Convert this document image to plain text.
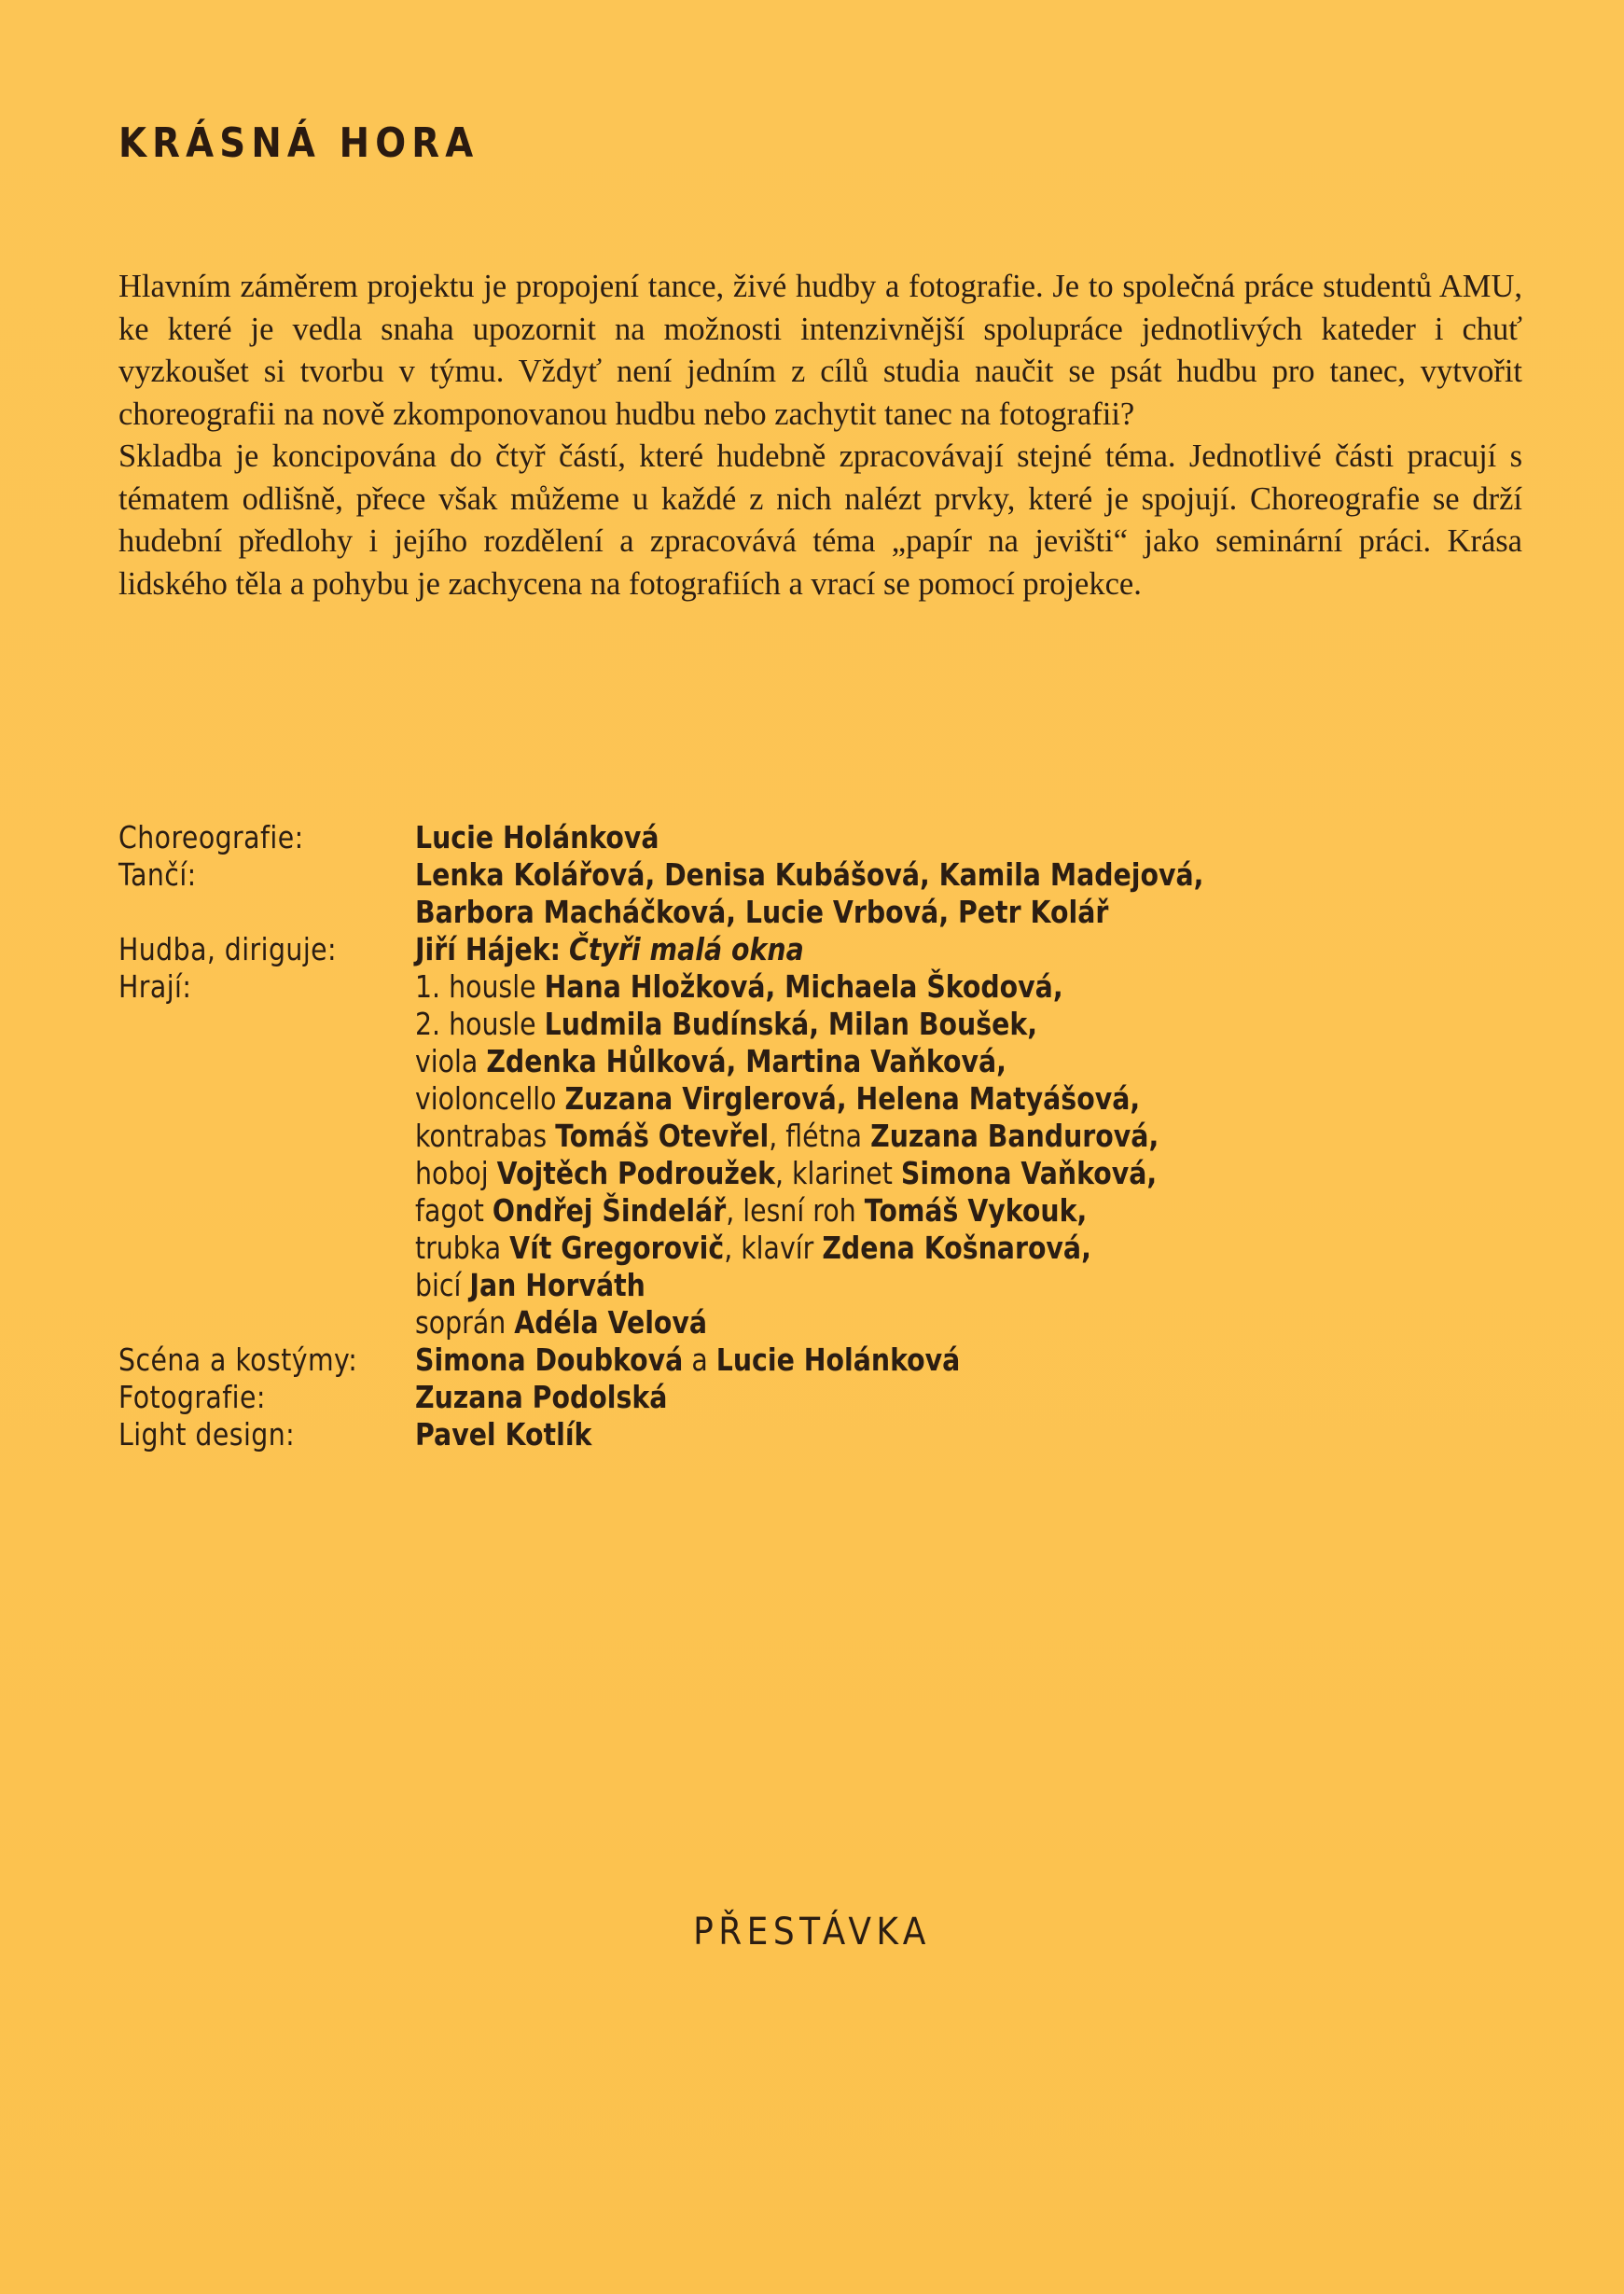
KRÁSNÁ HORA

Hlavním záměrem projektu je propojení tance, živé hudby a fotografie. Je to společná práce studentů AMU, ke které je vedla snaha upozornit na možnosti intenzivnější spolupráce jednotlivých kateder i chuť vyzkoušet si tvorbu v týmu. Vždyť není jedním z cílů studia naučit se psát hudbu pro tanec, vytvořit choreografii na nově zkomponovanou hudbu nebo zachytit tanec na fotografii?

Skladba je koncipována do čtyř částí, které hudebně zpracovávají stejné téma. Jednotlivé části pracují s tématem odlišně, přece však můžeme u každé z nich nalézt prvky, které je spojují. Choreografie se drží hudební předlohy i jejího rozdělení a zpracovává téma „papír na jevišti“ jako seminární práci. Krása lidského těla a pohybu je zachycena na fotografiích a vrací se pomocí projekce.

Choreografie:	Lucie Holánková
Tančí:	Lenka Kolářová, Denisa Kubášová, Kamila Madejová,
Barbora Macháčková, Lucie Vrbová, Petr Kolář
Hudba, diriguje:	Jiří Hájek: Čtyři malá okna
Hrají:	1. housle Hana Hložková, Michaela Škodová,
2. housle Ludmila Budínská, Milan Boušek,
viola Zdenka Hůlková, Martina Vaňková,
violoncello Zuzana Virglerová, Helena Matyášová,
kontrabas Tomáš Otevřel, flétna Zuzana Bandurová,
hoboj Vojtěch Podroužek, klarinet Simona Vaňková,
fagot Ondřej Šindelář, lesní roh Tomáš Vykouk,
trubka Vít Gregorovič, klavír Zdena Košnarová,
bicí Jan Horváth
soprán Adéla Velová
Scéna a kostýmy:	Simona Doubková a Lucie Holánková
Fotografie:	Zuzana Podolská
Light design:	Pavel Kotlík
PŘESTÁVKA
